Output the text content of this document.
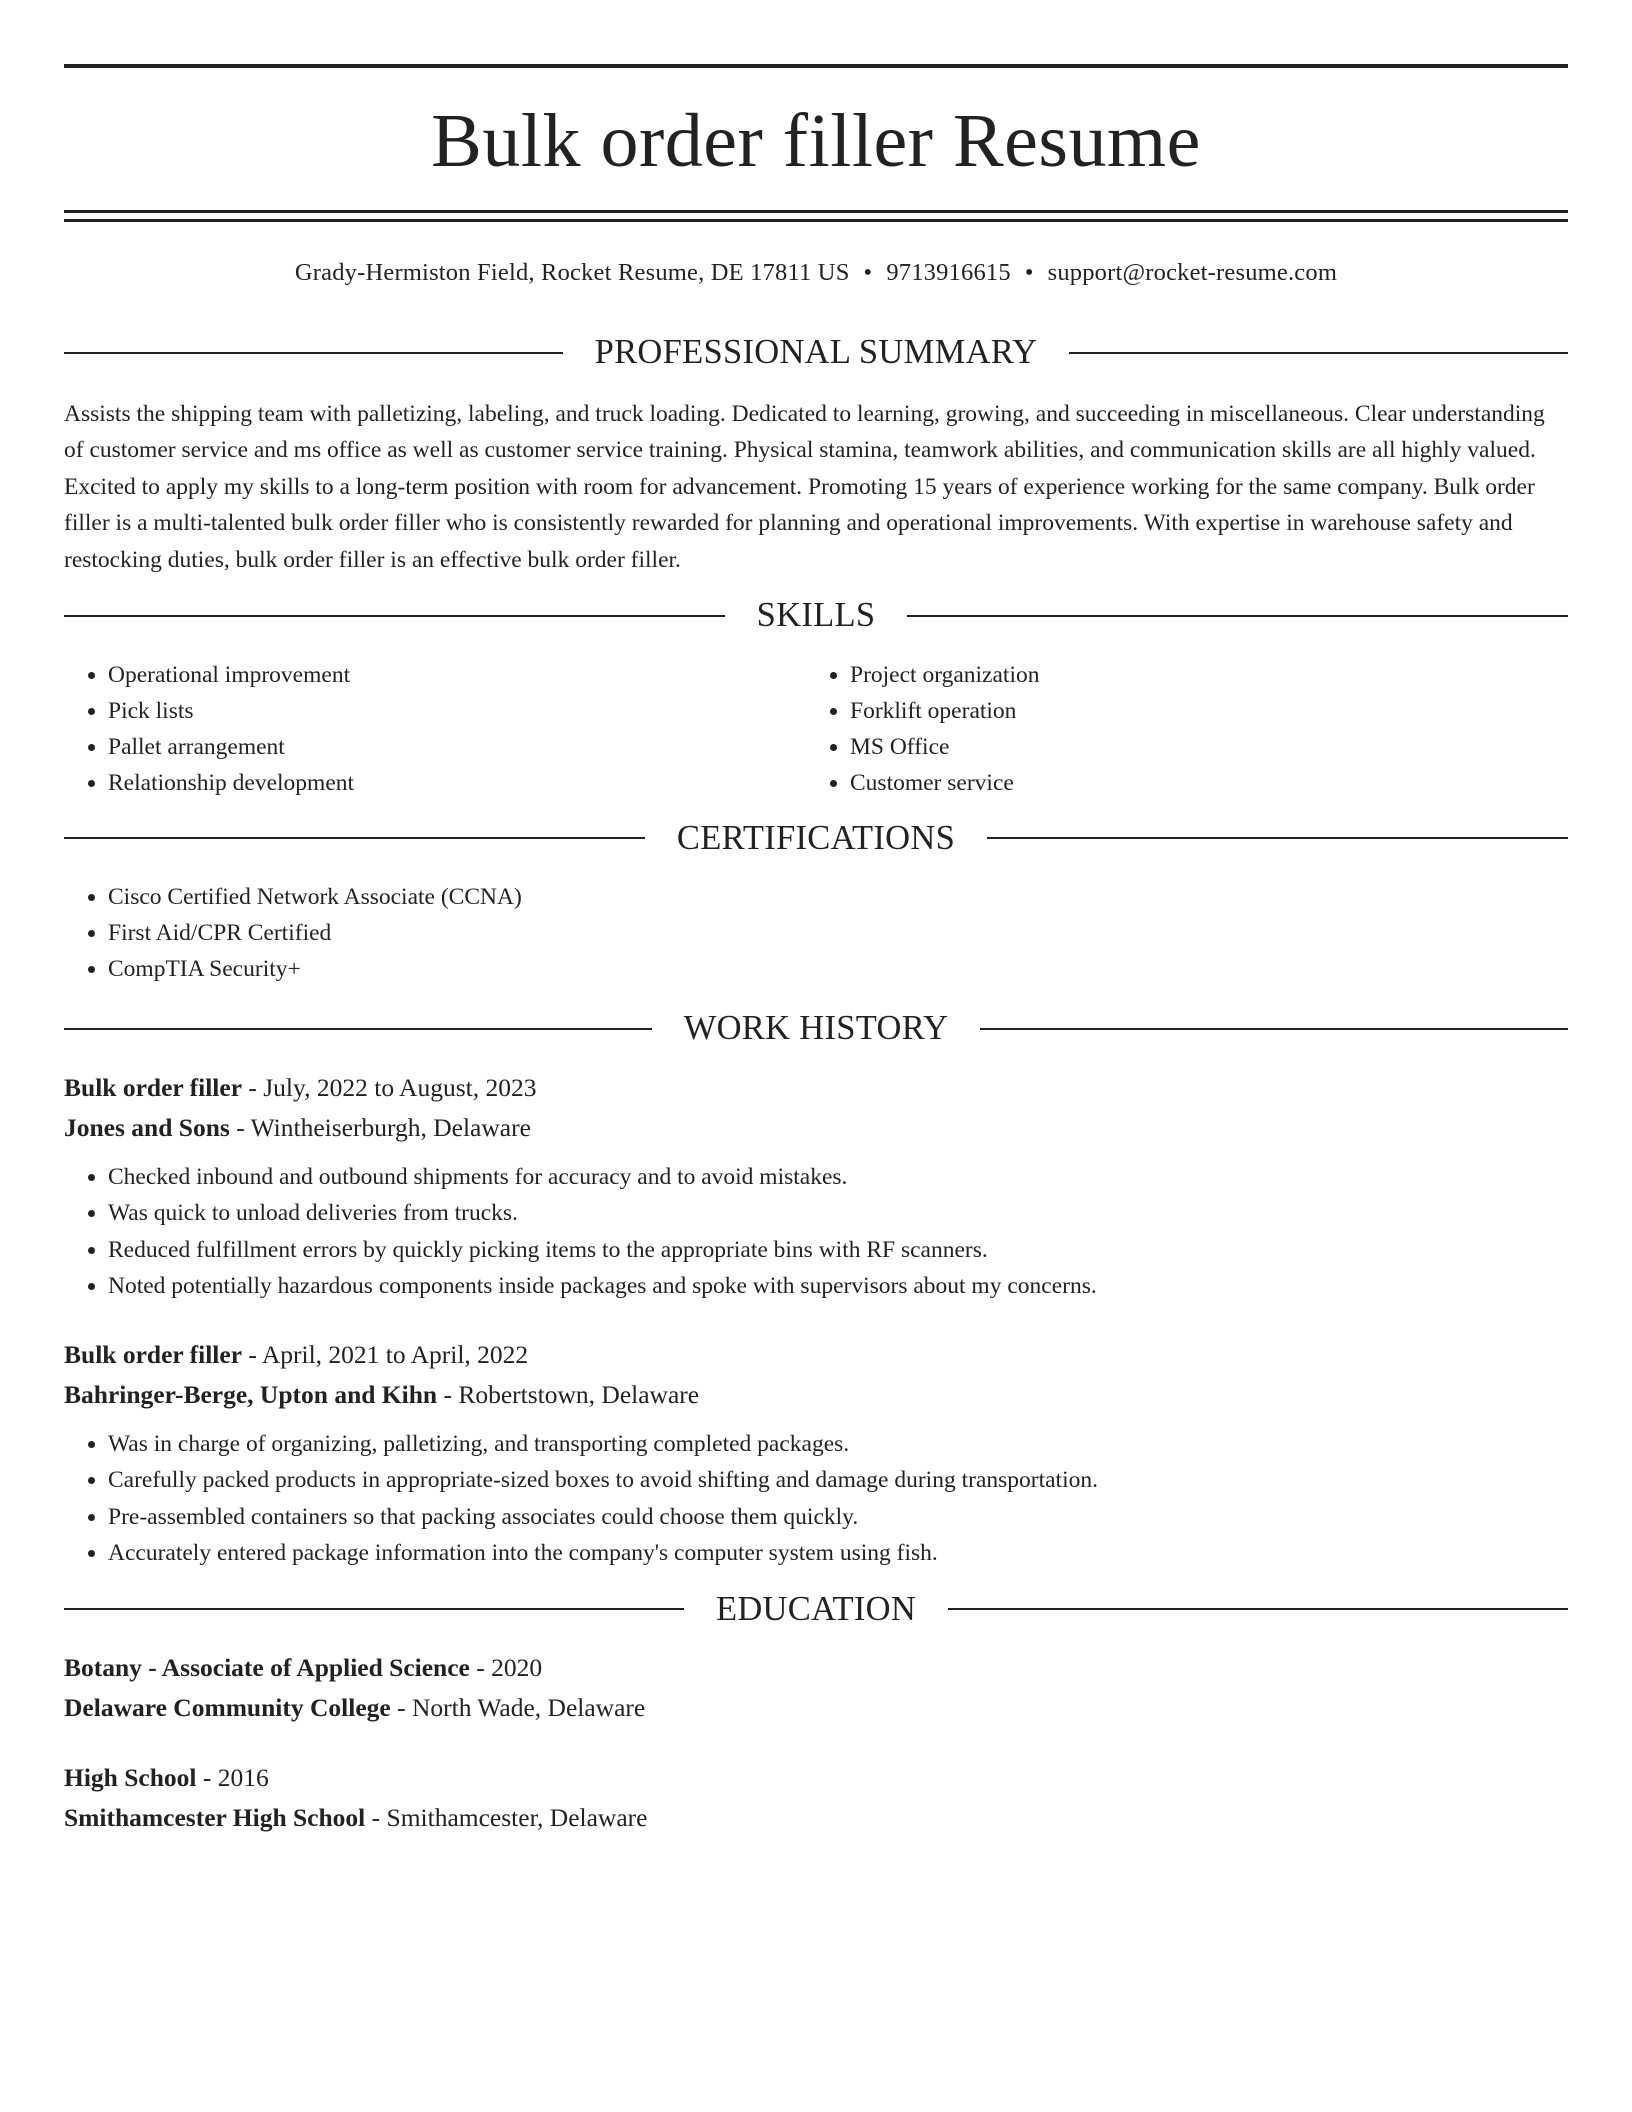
Bulk order filler Resume
Grady-Hermiston Field, Rocket Resume, DE 17811 US • 9713916615 • support@rocket-resume.com
PROFESSIONAL SUMMARY

Assists the shipping team with palletizing, labeling, and truck loading. Dedicated to learning, growing, and succeeding in miscellaneous. Clear understanding of customer service and ms office as well as customer service training. Physical stamina, teamwork abilities, and communication skills are all highly valued. Excited to apply my skills to a long-term position with room for advancement. Promoting 15 years of experience working for the same company. Bulk order filler is a multi-talented bulk order filler who is consistently rewarded for planning and operational improvements. With expertise in warehouse safety and restocking duties, bulk order filler is an effective bulk order filler.

SKILLS
• Operational improvement
• Pick lists
• Pallet arrangement
• Relationship development
• Project organization
• Forklift operation
• MS Office
• Customer service
CERTIFICATIONS
• Cisco Certified Network Associate (CCNA)
• First Aid/CPR Certified
• CompTIA Security+
WORK HISTORY
Bulk order filler - July, 2022 to August, 2023
Jones and Sons - Wintheiserburgh, Delaware
• Checked inbound and outbound shipments for accuracy and to avoid mistakes.
• Was quick to unload deliveries from trucks.
• Reduced fulfillment errors by quickly picking items to the appropriate bins with RF scanners.
• Noted potentially hazardous components inside packages and spoke with supervisors about my concerns.
Bulk order filler - April, 2021 to April, 2022
Bahringer-Berge, Upton and Kihn - Robertstown, Delaware
• Was in charge of organizing, palletizing, and transporting completed packages.
• Carefully packed products in appropriate-sized boxes to avoid shifting and damage during transportation.
• Pre-assembled containers so that packing associates could choose them quickly.
• Accurately entered package information into the company's computer system using fish.
EDUCATION
Botany - Associate of Applied Science - 2020
Delaware Community College - North Wade, Delaware
High School - 2016
Smithamcester High School - Smithamcester, Delaware
